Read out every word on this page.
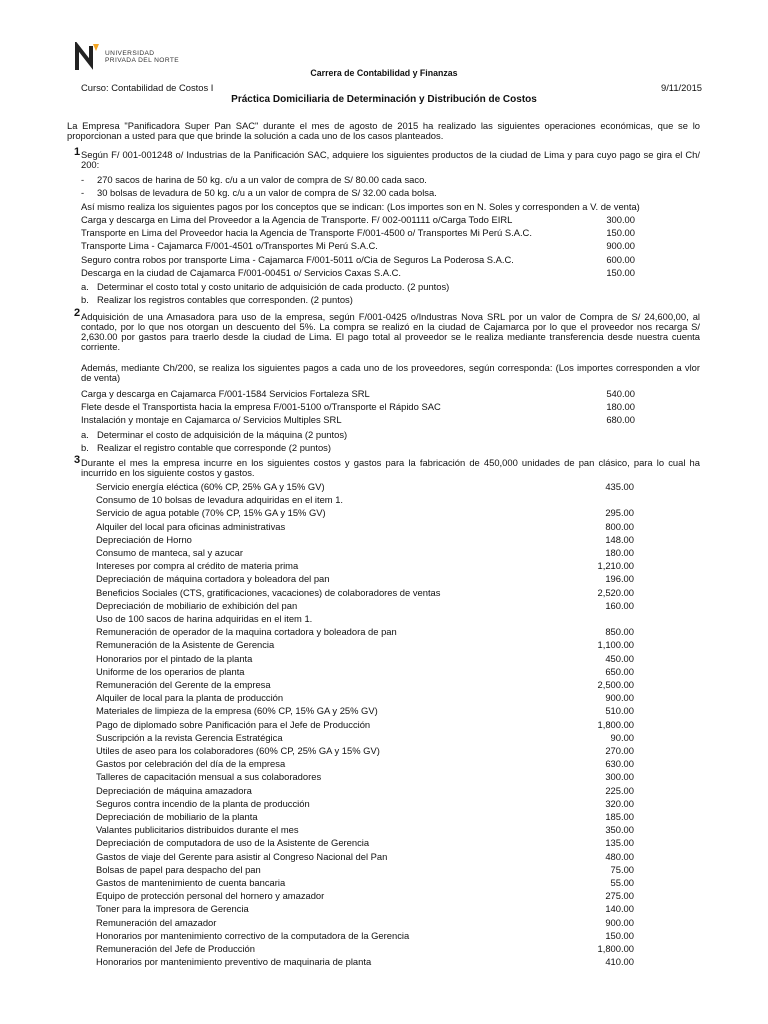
UNIVERSIDAD
PRIVADA DEL NORTE
Carrera de Contabilidad y Finanzas
Curso: Contabilidad de Costos I	9/11/2015
Práctica Domiciliaria de Determinación y Distribución de Costos
La Empresa "Panificadora Super Pan SAC" durante el mes de agosto de 2015 ha realizado las siguientes operaciones económicas, que se lo proporcionan a usted para que que brinde la solución a cada uno de los casos planteados.
1 Según F/ 001-001248 o/ Industrias de la Panificación SAC, adquiere los siguientes productos de la ciudad de Lima y para cuyo pago se gira el Ch/ 200:
- 270 sacos de harina de 50 kg. c/u a un valor de compra de S/ 80.00 cada saco.
- 30 bolsas de levadura de 50 kg. c/u a un valor de compra de S/ 32.00 cada bolsa.
Así mismo realiza los siguientes pagos por los conceptos que se indican: (Los importes son en N. Soles y corresponden a V. de venta)
Carga y descarga en Lima del Proveedor a la Agencia de Transporte. F/ 002-001111 o/Carga Todo EIRL	300.00
Transporte en Lima del Proveedor hacia la Agencia de Transporte F/001-4500 o/ Transportes Mi Perú S.A.C.	150.00
Transporte Lima - Cajamarca F/001-4501 o/Transportes Mi Perú S.A.C.	900.00
Seguro contra robos por transporte Lima - Cajamarca F/001-5011 o/Cia de Seguros La Poderosa S.A.C.	600.00
Descarga en la ciudad de Cajamarca F/001-00451 o/ Servicios Caxas S.A.C.	150.00
a. Determinar el costo total y costo unitario de adquisición de cada producto. (2 puntos)
b. Realizar los registros contables que corresponden. (2 puntos)
2 Adquisición de una Amasadora para uso de la empresa, según F/001-0425 o/Industras Nova SRL por un valor de Compra de S/ 24,600,00, al contado, por lo que nos otorgan un descuento del 5%. La compra se realizó en la ciudad de Cajamarca por lo que el proveedor nos recarga S/ 2,630.00 por gastos para traerlo desde la ciudad de Lima. El pago total al proveedor se le realiza mediante transferencia desde nuestra cuenta corriente.
Además, mediante Ch/200, se realiza los siguientes pagos a cada uno de los proveedores, según corresponda: (Los importes corresponden a vlor de venta)
Carga y descarga en Cajamarca F/001-1584 Servicios Fortaleza SRL	540.00
Flete desde el Transportista hacia la empresa F/001-5100 o/Transporte el Rápido SAC	180.00
Instalación y montaje en Cajamarca o/ Servicios Multiples SRL	680.00
a. Determinar el costo de adquisición de la máquina (2 puntos)
b. Realizar el registro contable que corresponde (2 puntos)
3 Durante el mes la empresa incurre en los siguientes costos y gastos para la fabricación de 450,000 unidades de pan clásico, para lo cual ha incurrido en los siguiente costos y gastos.
Servicio energía eléctica (60% CP, 25% GA y 15% GV)	435.00
Consumo de 10 bolsas de levadura adquiridas en el item 1.
Servicio de agua potable (70% CP, 15% GA y 15% GV)	295.00
Alquiler del local para oficinas administrativas	800.00
Depreciación de Horno	148.00
Consumo de manteca, sal y azucar	180.00
Intereses por compra al crédito de materia prima	1,210.00
Depreciación de máquina cortadora y boleadora del pan	196.00
Beneficios Sociales (CTS, gratificaciones, vacaciones) de colaboradores de ventas	2,520.00
Depreciación de mobiliario de exhibición del pan	160.00
Uso de 100 sacos de harina adquiridas en el item 1.
Remuneración de operador de la maquina cortadora y boleadora de pan	850.00
Remuneración de la Asistente de Gerencia	1,100.00
Honorarios por el pintado de la planta	450.00
Uniforme de los operarios de planta	650.00
Remuneración del Gerente de la empresa	2,500.00
Alquiler de local para la planta de producción	900.00
Materiales de limpieza de la empresa (60% CP, 15% GA y 25% GV)	510.00
Pago de diplomado sobre Panificación para el Jefe de Producción	1,800.00
Suscripción a la revista Gerencia Estratégica	90.00
Utiles de aseo para los colaboradores (60% CP, 25% GA y 15% GV)	270.00
Gastos por celebración del día de la empresa	630.00
Talleres de capacitación mensual a sus colaboradores	300.00
Depreciación de máquina amazadora	225.00
Seguros contra incendio de la planta de producción	320.00
Depreciación de mobiliario de la planta	185.00
Valantes publicitarios distribuidos durante el mes	350.00
Depreciación de computadora de uso de la Asistente de Gerencia	135.00
Gastos de viaje del Gerente para asistir al Congreso Nacional del Pan	480.00
Bolsas de papel para despacho del pan	75.00
Gastos de mantenimiento de cuenta bancaria	55.00
Equipo de protección personal del hornero y amazador	275.00
Toner para la impresora de Gerencia	140.00
Remuneración del amazador	900.00
Honorarios por mantenimiento correctivo de la computadora de la Gerencia	150.00
Remuneración del Jefe de Producción	1,800.00
Honorarios por mantenimiento preventivo de maquinaria de planta	410.00
